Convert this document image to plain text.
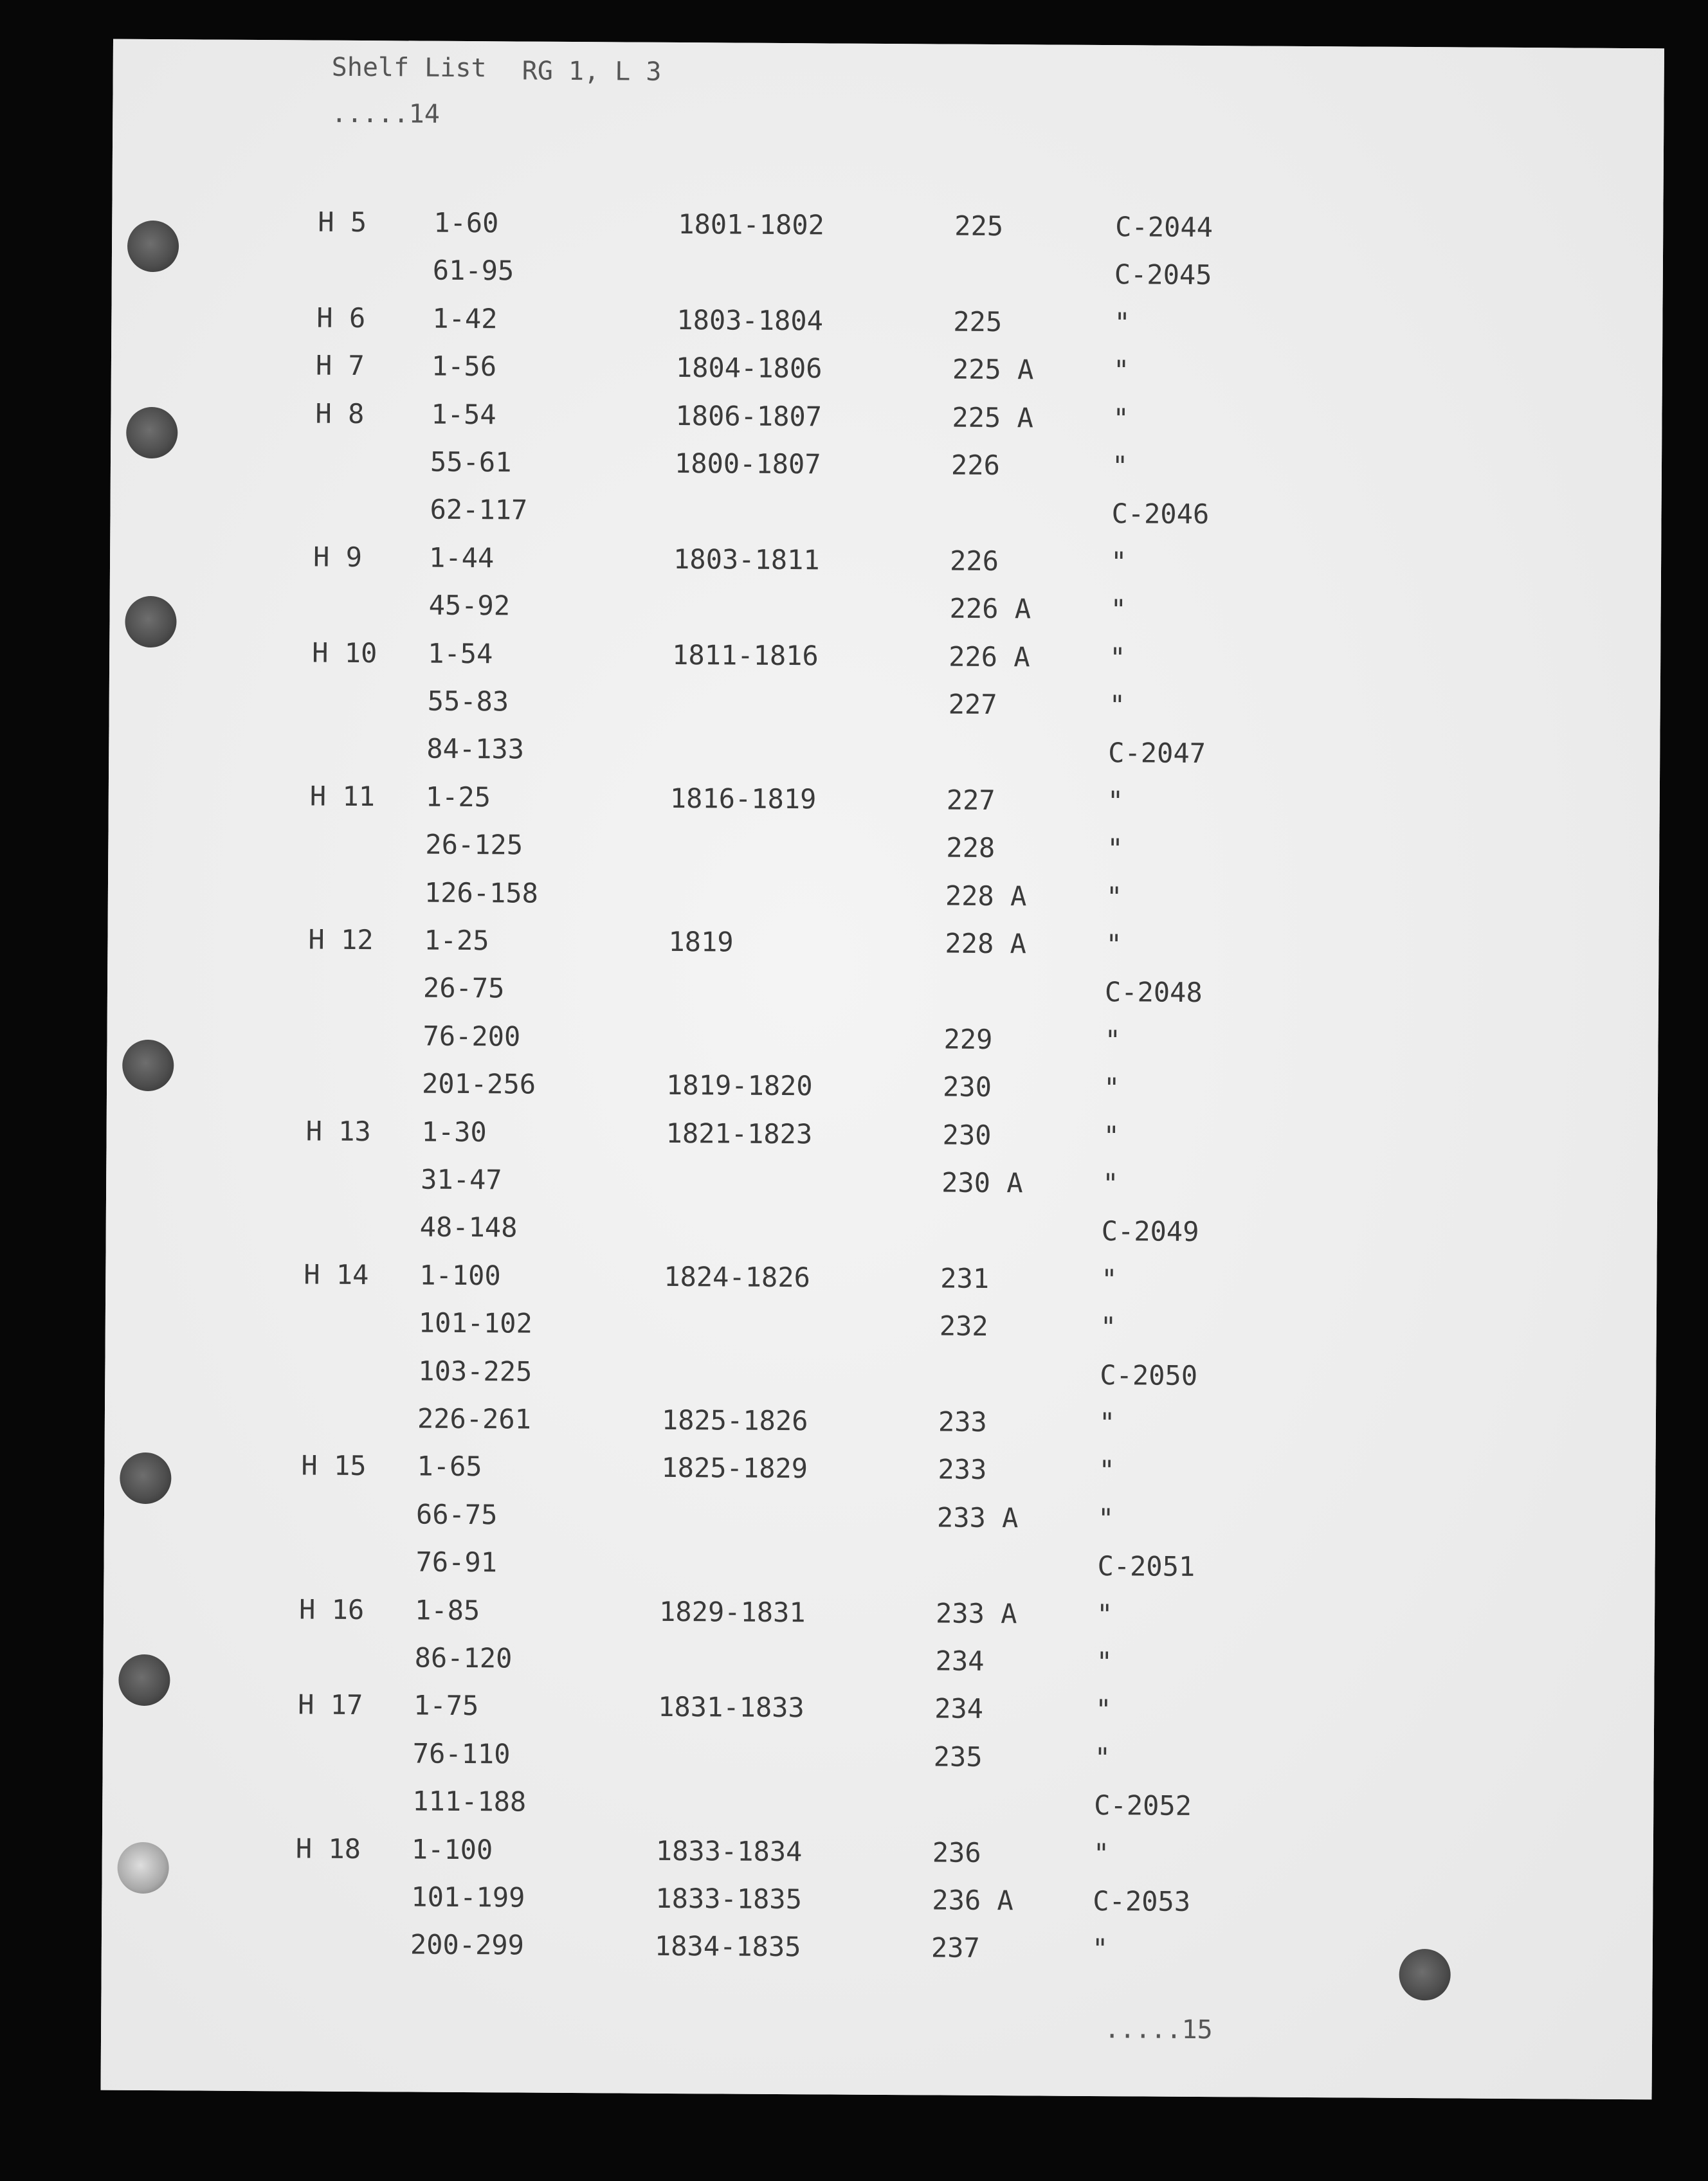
Shelf List RG 1, L 3
.....14
H 5 1-60	1801-1802	225	C-2044
61-95	C-2045
H 6 1-42	1803-1804	225	"
H 7 1-56	1804-1806	225 A	"
H 8 1-54	1806-1807	225 A	"
55-61	1800-1807	226	"
62-117	C-2046
H 9 1-44	1803-1811	226	"
45-92	226 A	"
H 10 1-54	1811-1816	226 A	"
55-83	227	"
84-133	C-2047
H 11 1-25	1816-1819	227	"
26-125	228	"
126-158	228 A	"
H 12 1-25	1819	228 A	"
26-75	C-2048
76-200	229	"
201-256	1819-1820	230	"
H 13 1-30	1821-1823	230	"
31-47	230 A	"
48-148	C-2049
H 14 1-100	1824-1826	231	"
101-102	232	"
103-225	C-2050
226-261	1825-1826	233	"
H 15 1-65	1825-1829	233	"
66-75	233 A	"
76-91	C-2051
H 16 1-85	1829-1831	233 A	"
86-120	234	"
H 17 1-75	1831-1833	234	"
76-110	235	"
111-188	C-2052
H 18 1-100	1833-1834	236	"
101-199	1833-1835	236 A	C-2053
200-299	1834-1835	237	"
.....15
